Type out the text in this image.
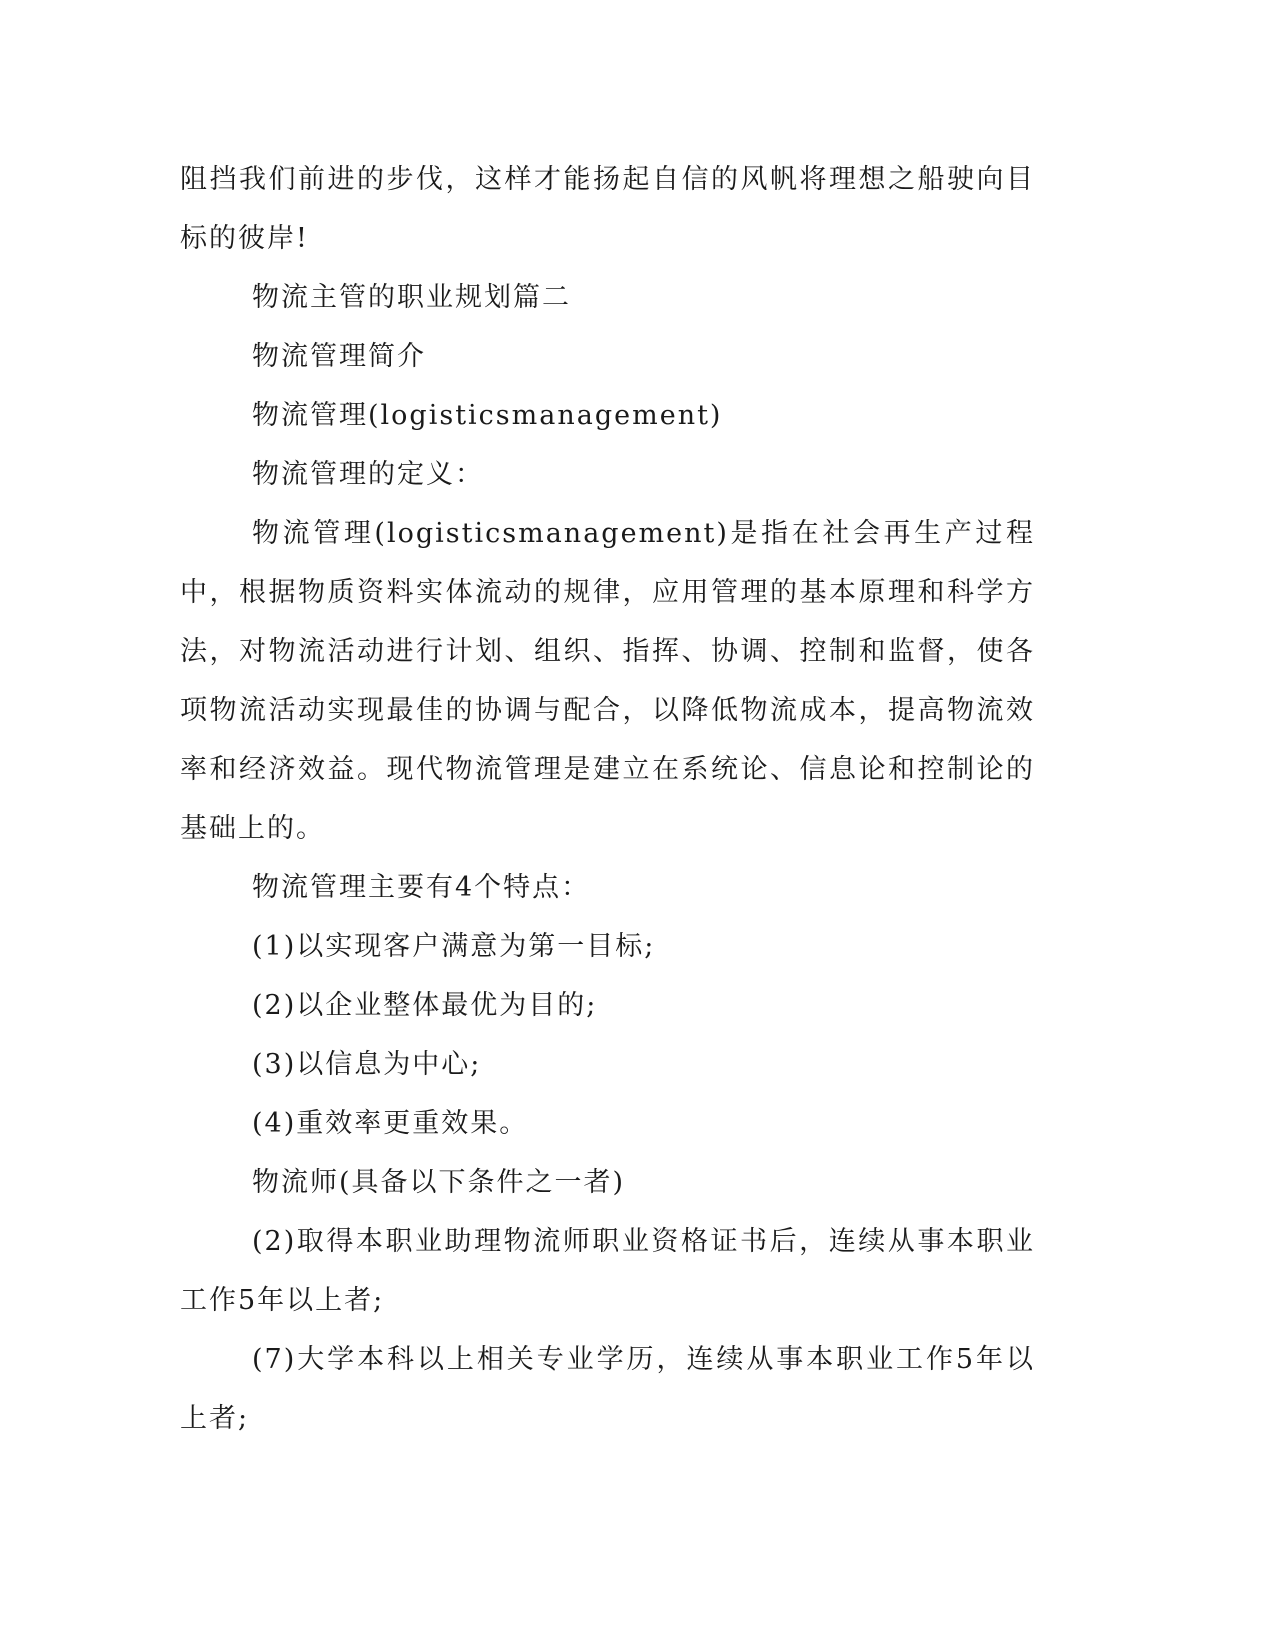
阻挡我们前进的步伐，这样才能扬起自信的风帆将理想之船驶向目标的彼岸!

物流主管的职业规划篇二

物流管理简介

物流管理(logisticsmanagement)

物流管理的定义：

物流管理(logisticsmanagement)是指在社会再生产过程中，根据物质资料实体流动的规律，应用管理的基本原理和科学方法，对物流活动进行计划、组织、指挥、协调、控制和监督，使各项物流活动实现最佳的协调与配合，以降低物流成本，提高物流效率和经济效益。现代物流管理是建立在系统论、信息论和控制论的基础上的。

物流管理主要有4个特点：

(1)以实现客户满意为第一目标;

(2)以企业整体最优为目的;

(3)以信息为中心;

(4)重效率更重效果。

物流师(具备以下条件之一者)

(2)取得本职业助理物流师职业资格证书后，连续从事本职业工作5年以上者;

(7)大学本科以上相关专业学历，连续从事本职业工作5年以上者;
